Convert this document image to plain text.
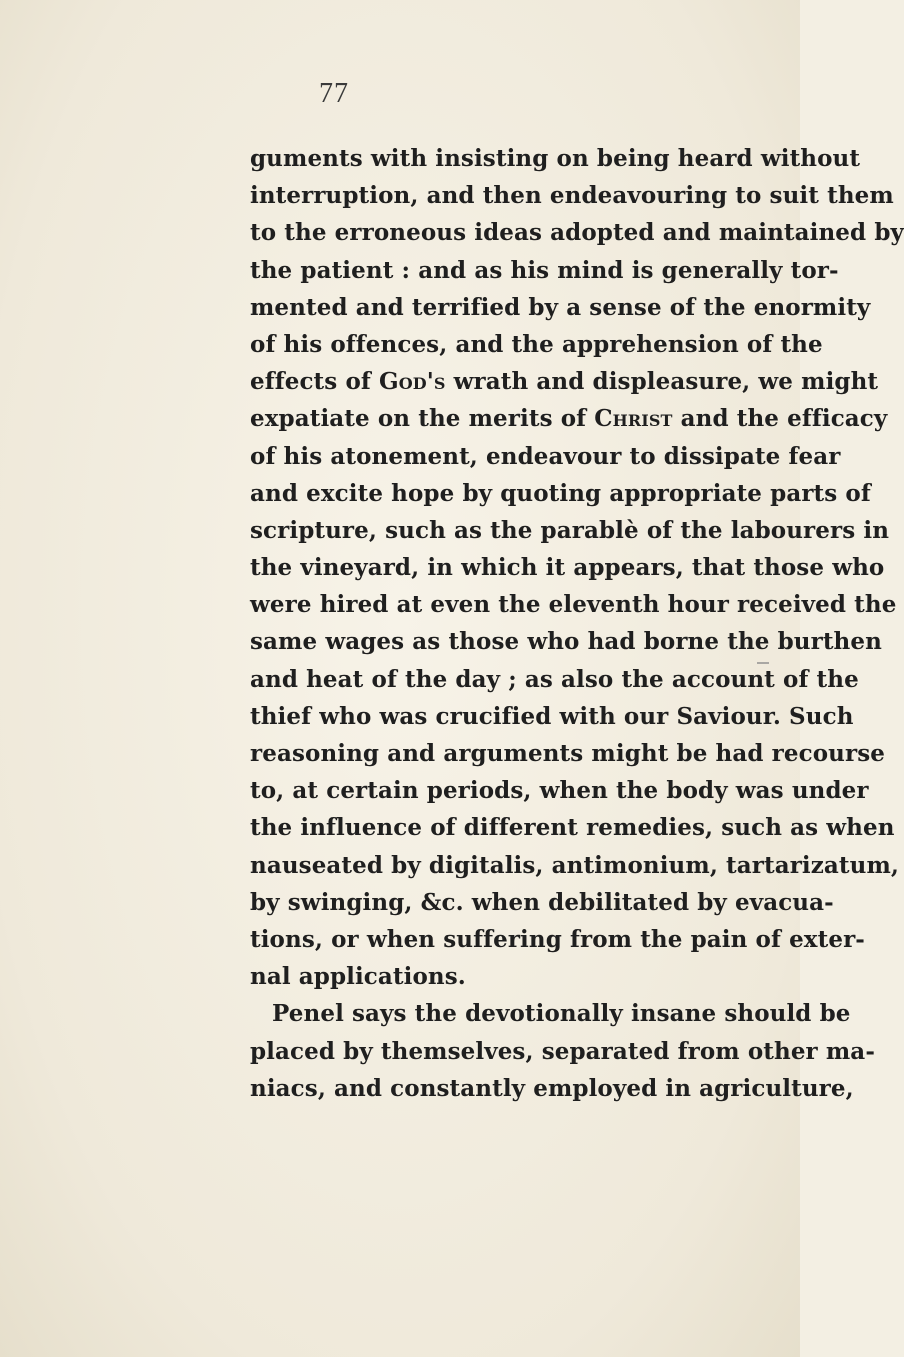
77
guments with insisting on being heard without
interruption, and then endeavouring to suit them
to the erroneous ideas adopted and maintained by
the patient : and as his mind is generally tor-
mented and terrified by a sense of the enormity
of his offences, and the apprehension of the
effects of God's wrath and displeasure, we might
expatiate on the merits of Christ and the efficacy
of his atonement, endeavour to dissipate fear
and excite hope by quoting appropriate parts of
scripture, such as the parablè of the labourers in
the vineyard, in which it appears, that those who
were hired at even the eleventh hour received the
same wages as those who had borne the burthen
and heat of the day ; as also the account of the
thief who was crucified with our Saviour. Such
reasoning and arguments might be had recourse
to, at certain periods, when the body was under
the influence of different remedies, such as when
nauseated by digitalis, antimonium, tartarizatum,
by swinging, &c. when debilitated by evacua-
tions, or when suffering from the pain of exter-
nal applications.
Penel says the devotionally insane should be
placed by themselves, separated from other ma-
niacs, and constantly employed in agriculture,
